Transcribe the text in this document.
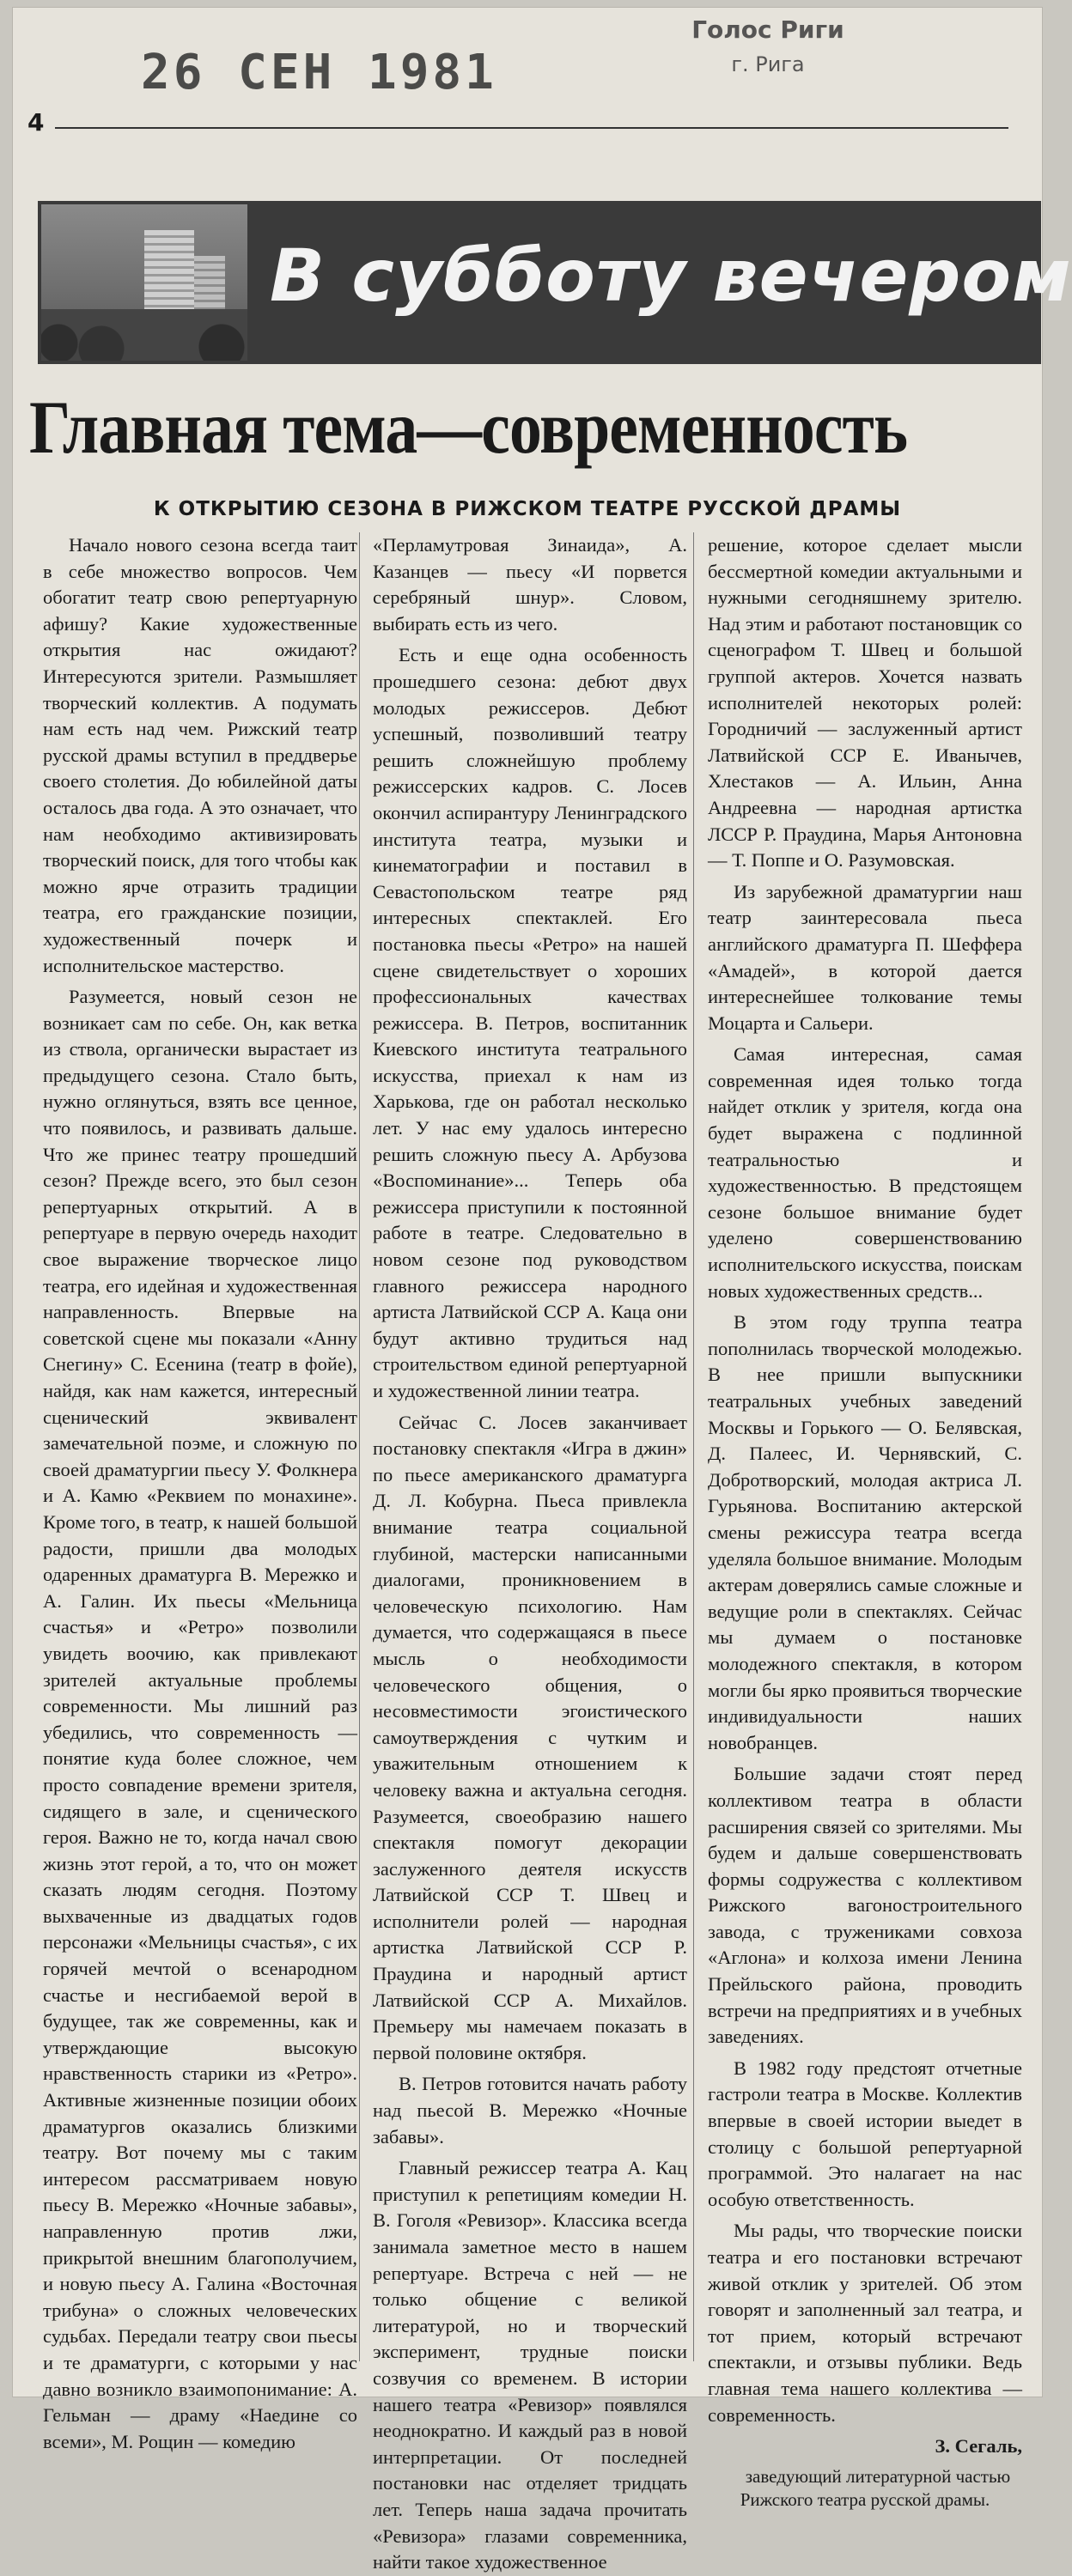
26 СЕН 1981
Голос Риги
г. Рига
4
В субботу вечером
Главная тема—современность
К ОТКРЫТИЮ СЕЗОНА В РИЖСКОМ ТЕАТРЕ РУССКОЙ ДРАМЫ

Начало нового сезона всегда таит в себе множество вопросов. Чем обогатит театр свою репертуарную афишу? Какие художественные открытия нас ожидают? Интересуются зрители. Размышляет творческий коллектив. А подумать нам есть над чем. Рижский театр русской драмы вступил в преддверье своего столетия. До юбилейной даты осталось два года. А это означает, что нам необходимо активизировать творческий поиск, для того чтобы как можно ярче отразить традиции театра, его гражданские позиции, художественный почерк и исполнительское мастерство.

Разумеется, новый сезон не возникает сам по себе. Он, как ветка из ствола, органически вырастает из предыдущего сезона. Стало быть, нужно оглянуться, взять все ценное, что появилось, и развивать дальше. Что же принес театру прошедший сезон? Прежде всего, это был сезон репертуарных открытий. А в репертуаре в первую очередь находит свое выражение творческое лицо театра, его идейная и художественная направленность. Впервые на советской сцене мы показали «Анну Снегину» С. Есенина (театр в фойе), найдя, как нам кажется, интересный сценический эквивалент замечательной поэме, и сложную по своей драматургии пьесу У. Фолкнера и А. Камю «Реквием по монахине». Кроме того, в театр, к нашей большой радости, пришли два молодых одаренных драматурга В. Мережко и А. Галин. Их пьесы «Мельница счастья» и «Ретро» позволили увидеть воочию, как привлекают зрителей актуальные проблемы современности. Мы лишний раз убедились, что современность — понятие куда более сложное, чем просто совпадение времени зрителя, сидящего в зале, и сценического героя. Важно не то, когда начал свою жизнь этот герой, а то, что он может сказать людям сегодня. Поэтому выхваченные из двадцатых годов персонажи «Мельницы счастья», с их горячей мечтой о всенародном счастье и несгибаемой верой в будущее, так же современны, как и утверждающие высокую нравственность старики из «Ретро». Активные жизненные позиции обоих драматургов оказались близкими театру. Вот почему мы с таким интересом рассматриваем новую пьесу В. Мережко «Ночные забавы», направленную против лжи, прикрытой внешним благополучием, и новую пьесу А. Галина «Восточная трибуна» о сложных человеческих судьбах. Передали театру свои пьесы и те драматурги, с которыми у нас давно возникло взаимопонимание: А. Гельман — драму «Наедине со всеми», М. Рощин — комедию

«Перламутровая Зинаида», А. Казанцев — пьесу «И порвется серебряный шнур». Словом, выбирать есть из чего.

Есть и еще одна особенность прошедшего сезона: дебют двух молодых режиссеров. Дебют успешный, позволивший театру решить сложнейшую проблему режиссерских кадров. С. Лосев окончил аспирантуру Ленинградского института театра, музыки и кинематографии и поставил в Севастопольском театре ряд интересных спектаклей. Его постановка пьесы «Ретро» на нашей сцене свидетельствует о хороших профессиональных качествах режиссера. В. Петров, воспитанник Киевского института театрального искусства, приехал к нам из Харькова, где он работал несколько лет. У нас ему удалось интересно решить сложную пьесу А. Арбузова «Воспоминание»... Теперь оба режиссера приступили к постоянной работе в театре. Следовательно в новом сезоне под руководством главного режиссера народного артиста Латвийской ССР А. Каца они будут активно трудиться над строительством единой репертуарной и художественной линии театра.

Сейчас С. Лосев заканчивает постановку спектакля «Игра в джин» по пьесе американского драматурга Д. Л. Кобурна. Пьеса привлекла внимание театра социальной глубиной, мастерски написанными диалогами, проникновением в человеческую психологию. Нам думается, что содержащаяся в пьесе мысль о необходимости человеческого общения, о несовместимости эгоистического самоутверждения с чутким и уважительным отношением к человеку важна и актуальна сегодня. Разумеется, своеобразию нашего спектакля помогут декорации заслуженного деятеля искусств Латвийской ССР Т. Швец и исполнители ролей — народная артистка Латвийской ССР Р. Праудина и народный артист Латвийской ССР А. Михайлов. Премьеру мы намечаем показать в первой половине октября.

В. Петров готовится начать работу над пьесой В. Мережко «Ночные забавы».

Главный режиссер театра А. Кац приступил к репетициям комедии Н. В. Гоголя «Ревизор». Классика всегда занимала заметное место в нашем репертуаре. Встреча с ней — не только общение с великой литературой, но и творческий эксперимент, трудные поиски созвучия со временем. В истории нашего театра «Ревизор» появлялся неоднократно. И каждый раз в новой интерпретации. От последней постановки нас отделяет тридцать лет. Теперь наша задача прочитать «Ревизора» глазами современника, найти такое художественное

решение, которое сделает мысли бессмертной комедии актуальными и нужными сегодняшнему зрителю. Над этим и работают постановщик со сценографом Т. Швец и большой группой актеров. Хочется назвать исполнителей некоторых ролей: Городничий — заслуженный артист Латвийской ССР Е. Иванычев, Хлестаков — А. Ильин, Анна Андреевна — народная артистка ЛССР Р. Праудина, Марья Антоновна — Т. Поппе и О. Разумовская.

Из зарубежной драматургии наш театр заинтересовала пьеса английского драматурга П. Шеффера «Амадей», в которой дается интереснейшее толкование темы Моцарта и Сальери.

Самая интересная, самая современная идея только тогда найдет отклик у зрителя, когда она будет выражена с подлинной театральностью и художественностью. В предстоящем сезоне большое внимание будет уделено совершенствованию исполнительского искусства, поискам новых художественных средств...

В этом году труппа театра пополнилась творческой молодежью. В нее пришли выпускники театральных учебных заведений Москвы и Горького — О. Белявская, Д. Палеес, И. Чернявский, С. Добротворский, молодая актриса Л. Гурьянова. Воспитанию актерской смены режиссура театра всегда уделяла большое внимание. Молодым актерам доверялись самые сложные и ведущие роли в спектаклях. Сейчас мы думаем о постановке молодежного спектакля, в котором могли бы ярко проявиться творческие индивидуальности наших новобранцев.

Большие задачи стоят перед коллективом театра в области расширения связей со зрителями. Мы будем и дальше совершенствовать формы содружества с коллективом Рижского вагоностроительного завода, с тружениками совхоза «Аглона» и колхоза имени Ленина Прейльского района, проводить встречи на предприятиях и в учебных заведениях.

В 1982 году предстоят отчетные гастроли театра в Москве. Коллектив впервые в своей истории выедет в столицу с большой репертуарной программой. Это налагает на нас особую ответственность.

Мы рады, что творческие поиски театра и его постановки встречают живой отклик у зрителей. Об этом говорят и заполненный зал театра, и тот прием, который встречают спектакли, и отзывы публики. Ведь главная тема нашего коллектива — современность.

З. Сегаль,

заведующий литературной частью Рижского театра русской драмы.
